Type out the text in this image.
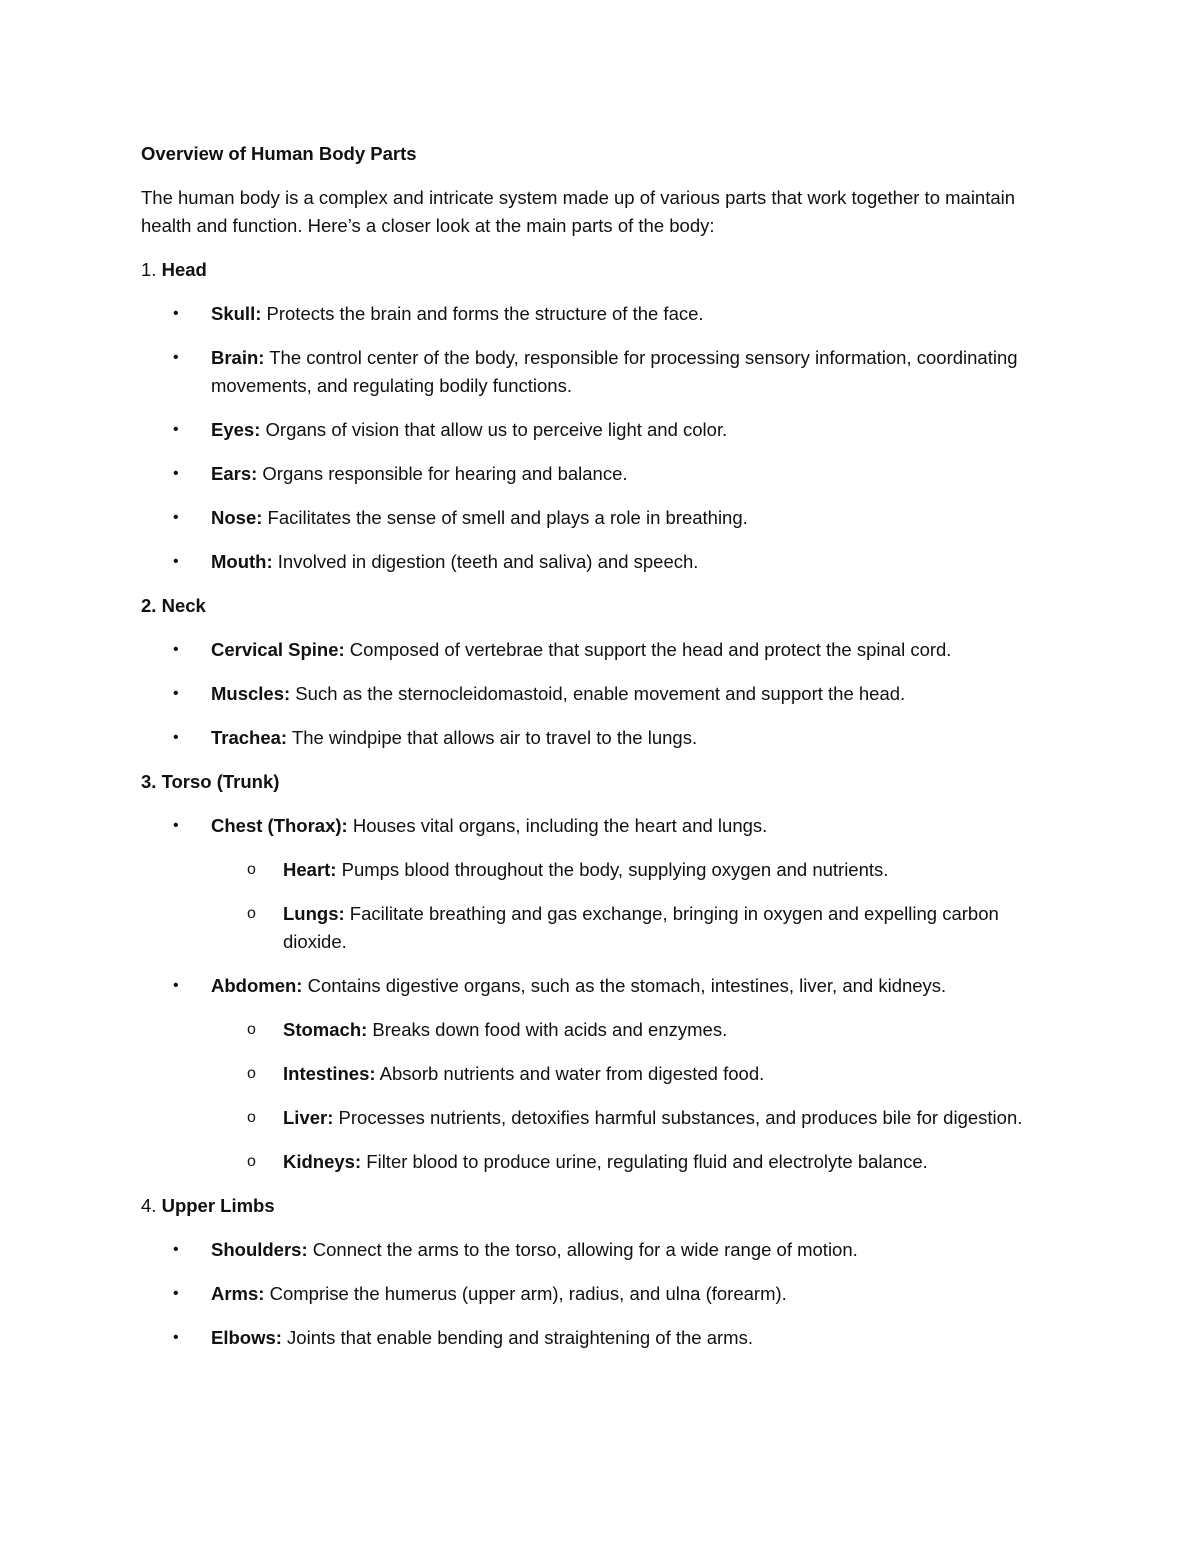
Overview of Human Body Parts
The human body is a complex and intricate system made up of various parts that work together to maintain health and function. Here’s a closer look at the main parts of the body:
1. Head
• Skull: Protects the brain and forms the structure of the face.
• Brain: The control center of the body, responsible for processing sensory information, coordinating movements, and regulating bodily functions.
• Eyes: Organs of vision that allow us to perceive light and color.
• Ears: Organs responsible for hearing and balance.
• Nose: Facilitates the sense of smell and plays a role in breathing.
• Mouth: Involved in digestion (teeth and saliva) and speech.
2. Neck
• Cervical Spine: Composed of vertebrae that support the head and protect the spinal cord.
• Muscles: Such as the sternocleidomastoid, enable movement and support the head.
• Trachea: The windpipe that allows air to travel to the lungs.
3. Torso (Trunk)
• Chest (Thorax): Houses vital organs, including the heart and lungs.
o Heart: Pumps blood throughout the body, supplying oxygen and nutrients.
o Lungs: Facilitate breathing and gas exchange, bringing in oxygen and expelling carbon dioxide.
• Abdomen: Contains digestive organs, such as the stomach, intestines, liver, and kidneys.
o Stomach: Breaks down food with acids and enzymes.
o Intestines: Absorb nutrients and water from digested food.
o Liver: Processes nutrients, detoxifies harmful substances, and produces bile for digestion.
o Kidneys: Filter blood to produce urine, regulating fluid and electrolyte balance.
4. Upper Limbs
• Shoulders: Connect the arms to the torso, allowing for a wide range of motion.
• Arms: Comprise the humerus (upper arm), radius, and ulna (forearm).
• Elbows: Joints that enable bending and straightening of the arms.
